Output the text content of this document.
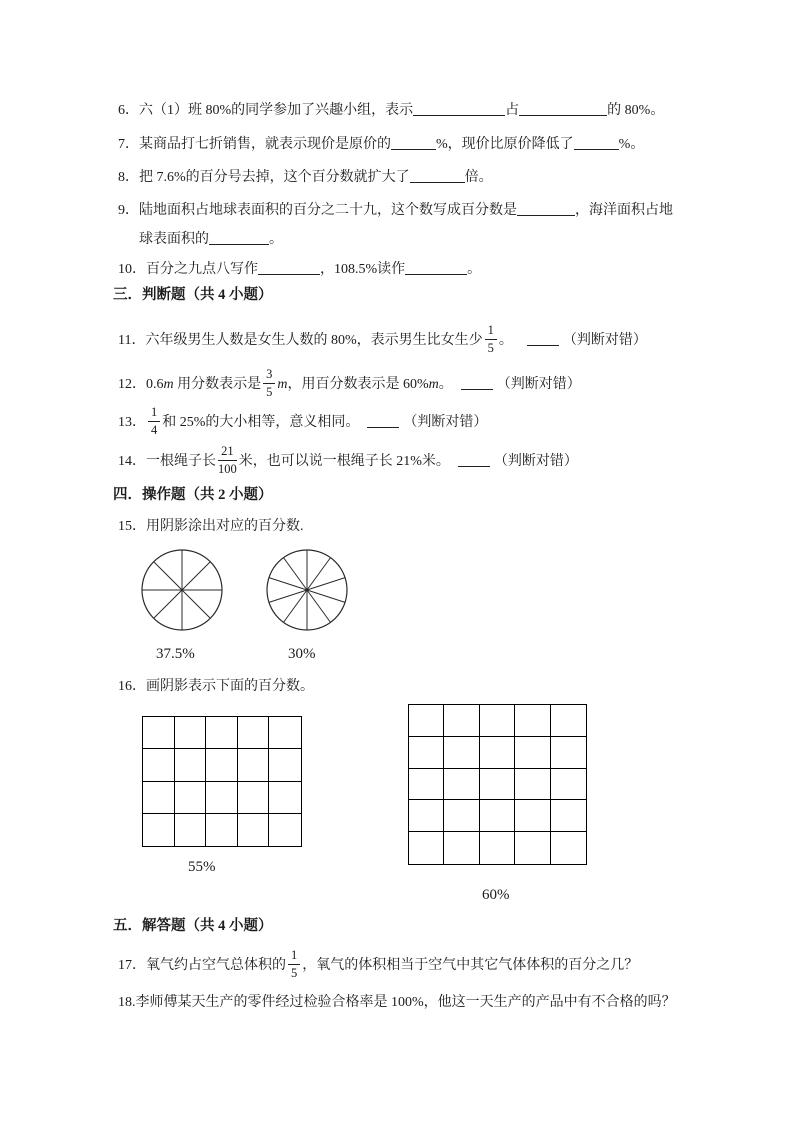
6．六（1）班 80%的同学参加了兴趣小组，表示	占	的 80%。
7．某商品打七折销售，就表示现价是原价的	%，现价比原价降低了	%。
8．把 7.6%的百分号去掉，这个百分数就扩大了	倍。
9．陆地面积占地球表面积的百分之二十九，这个数写成百分数是	，海洋面积占地
球表面积的	。
10．百分之九点八写作	，108.5%读作	。
三．判断题（共 4 小题）
11．六年级男生人数是女生人数的 80%，表示男生比女生少 $\frac{1}{5}$ 。	（判断对错）
12．0.6m 用分数表示是 $\frac{3}{5}$ m，用百分数表示是 60%m。	（判断对错）
13． $\frac{1}{4}$ 和 25%的大小相等，意义相同。	（判断对错）
14．一根绳子长 $\frac{21}{100}$ 米，也可以说一根绳子长 21%米。	（判断对错）
四．操作题（共 2 小题）
15．用阴影涂出对应的百分数.
37.5%	30%
16．画阴影表示下面的百分数。
55%
60%
五．解答题（共 4 小题）
17．氧气约占空气总体积的 $\frac{1}{5}$ ，氧气的体积相当于空气中其它气体体积的百分之几？
18.李师傅某天生产的零件经过检验合格率是 100%，他这一天生产的产品中有不合格的吗？
